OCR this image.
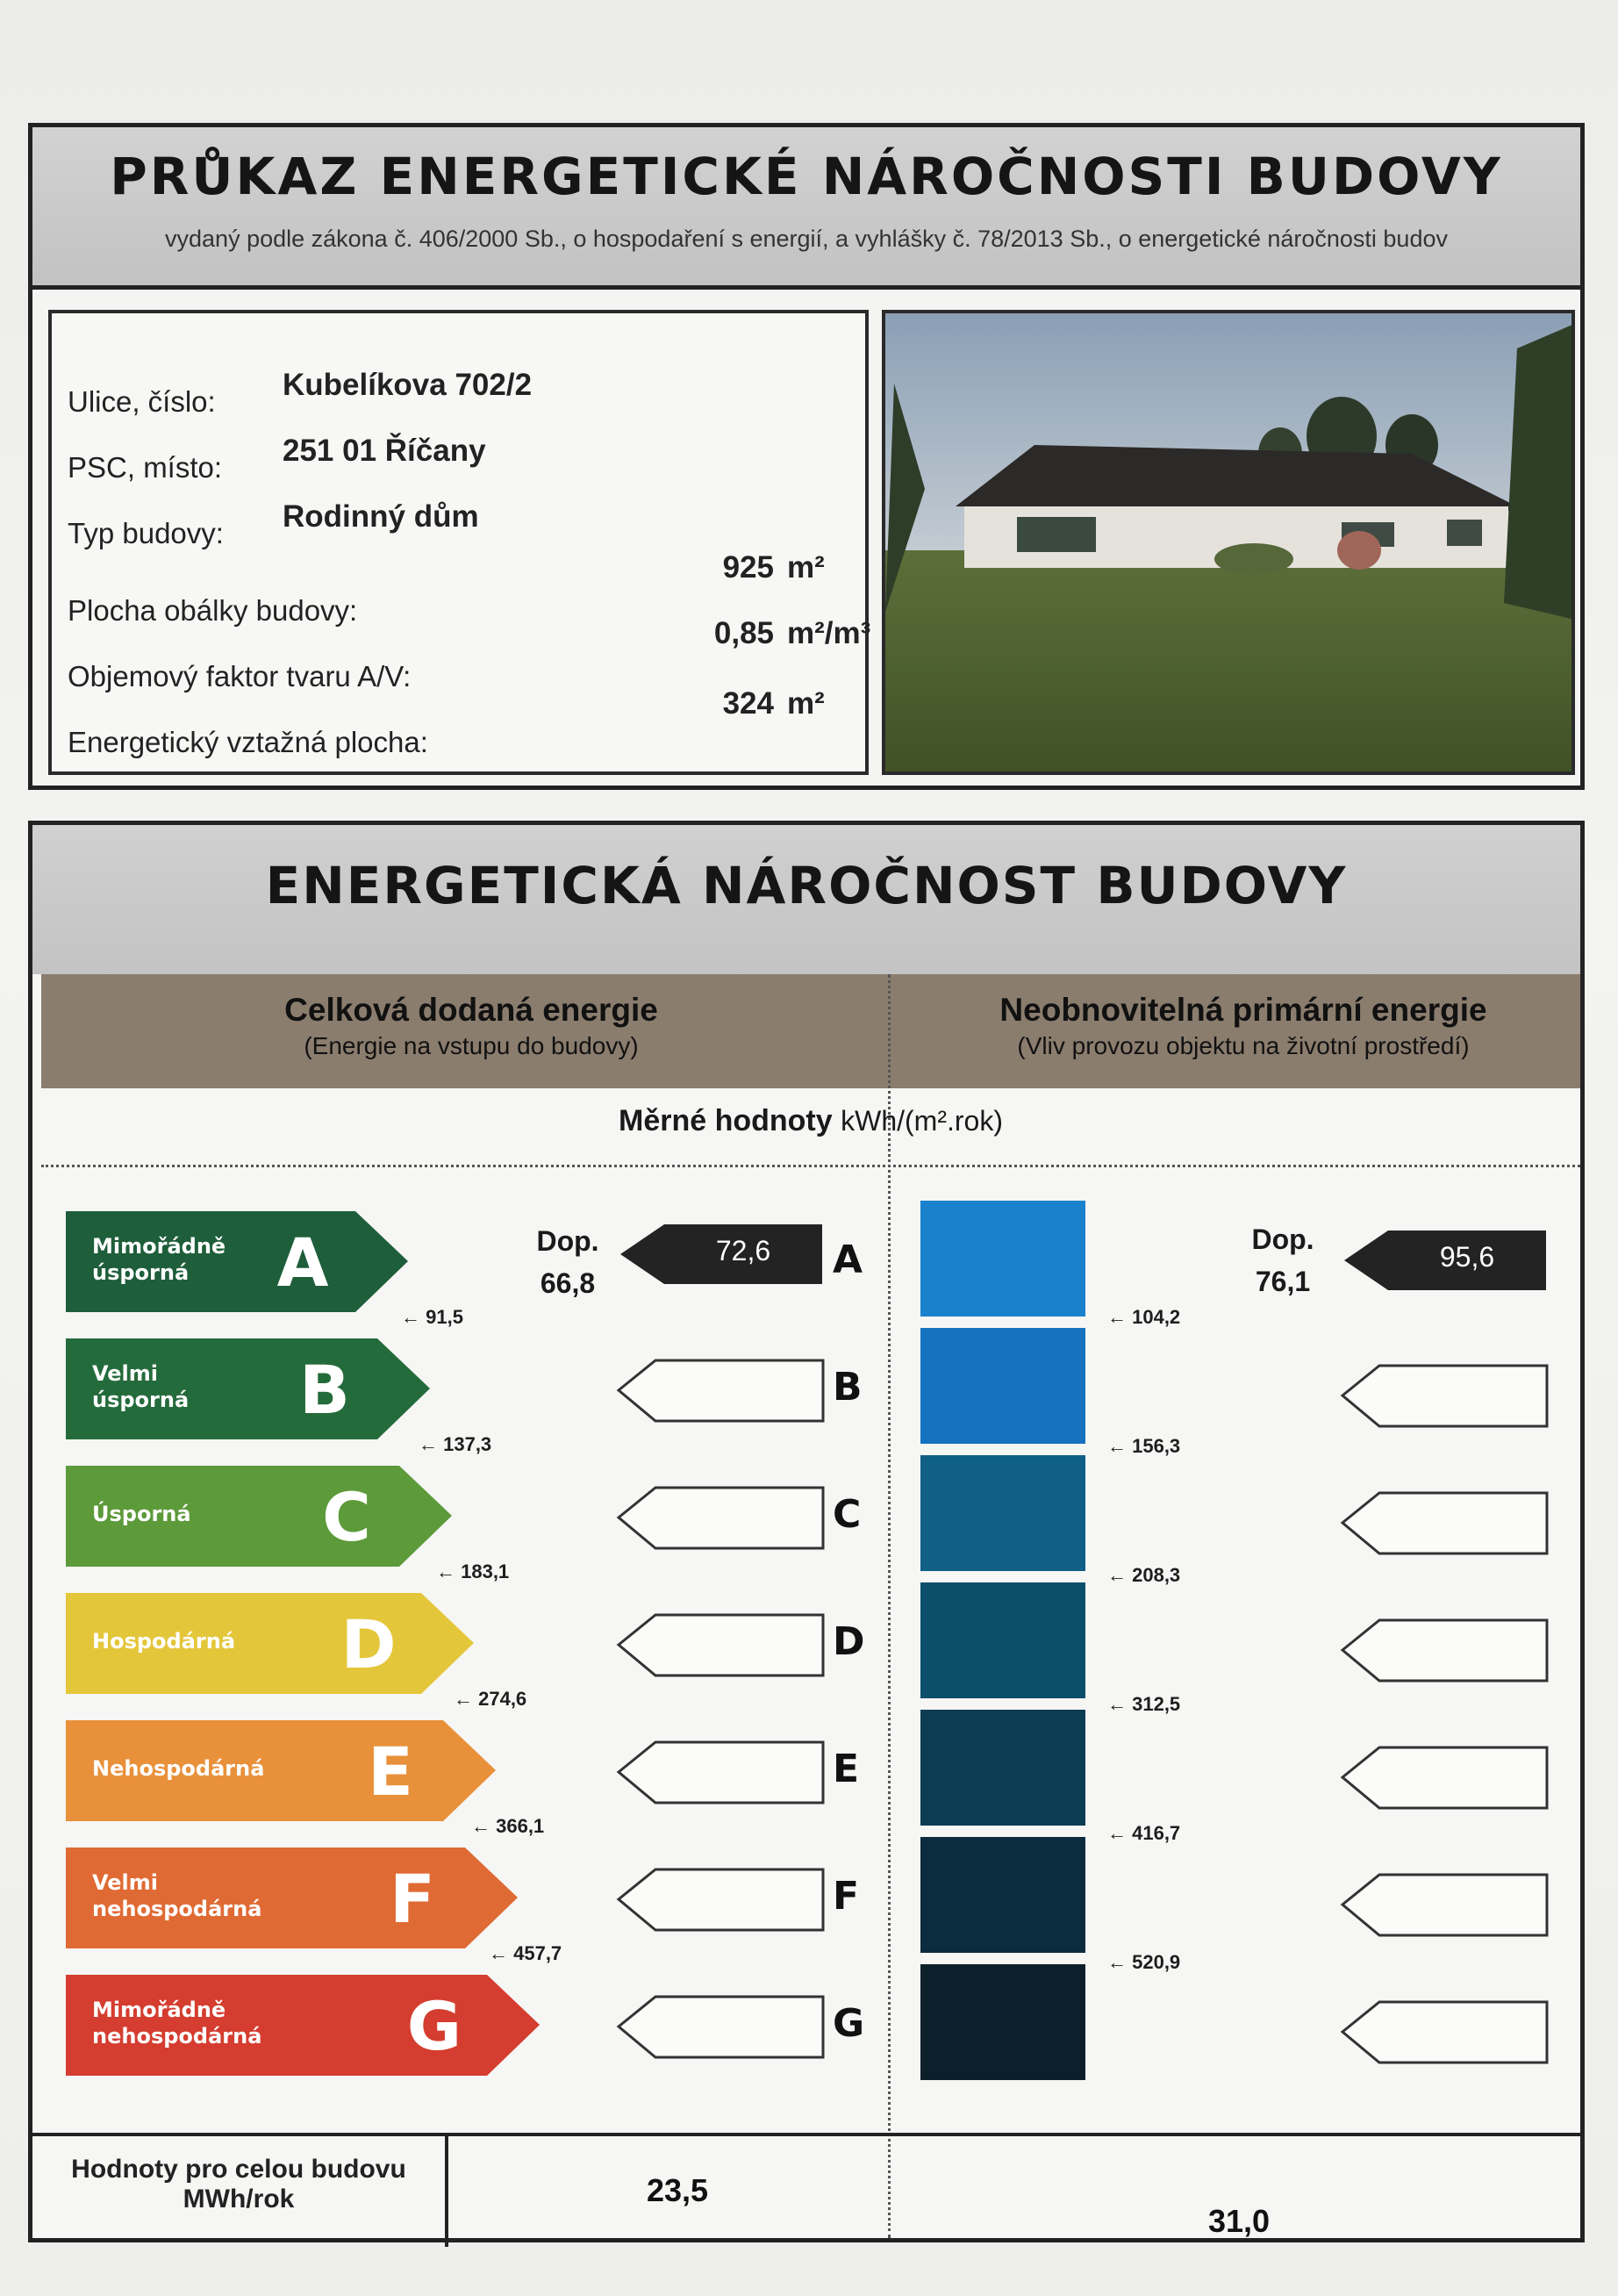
PRŮKAZ ENERGETICKÉ NÁROČNOSTI BUDOVY
vydaný podle zákona č. 406/2000 Sb., o hospodaření s energií, a vyhlášky č. 78/2013 Sb., o energetické náročnosti budov
Ulice, číslo: Kubelíkova 702/2
PSC, místo: 251 01 Říčany
Typ budovy: Rodinný dům
Plocha obálky budovy:
925 m²
Objemový faktor tvaru A/V:
0,85 m²/m³
Energetický vztažná plocha:
324 m²
ENERGETICKÁ NÁROČNOST BUDOVY
Celková dodaná energie
(Energie na vstupu do budovy)
Neobnovitelná primární energie
(Vliv provozu objektu na životní prostředí)
Měrné hodnoty kWh/(m².rok)
Dop.
66,8
72,6	Dop.
76,1
95,6
Hodnoty pro celou budovu
MWh/rok	23,5
31,0
Mimořádně
úsporná	A	A
Velmi
úsporná	B	B
Úsporná	C	C
Hospodárná	D	D
Nehospodárná	E	E
Velmi
nehospodárná	F	F
Mimořádně
nehospodárná	G	G
← 91,5
← 137,3
← 183,1
← 274,6
← 366,1
← 457,7
← 104,2
← 156,3
← 208,3
← 312,5
← 416,7
← 520,9
